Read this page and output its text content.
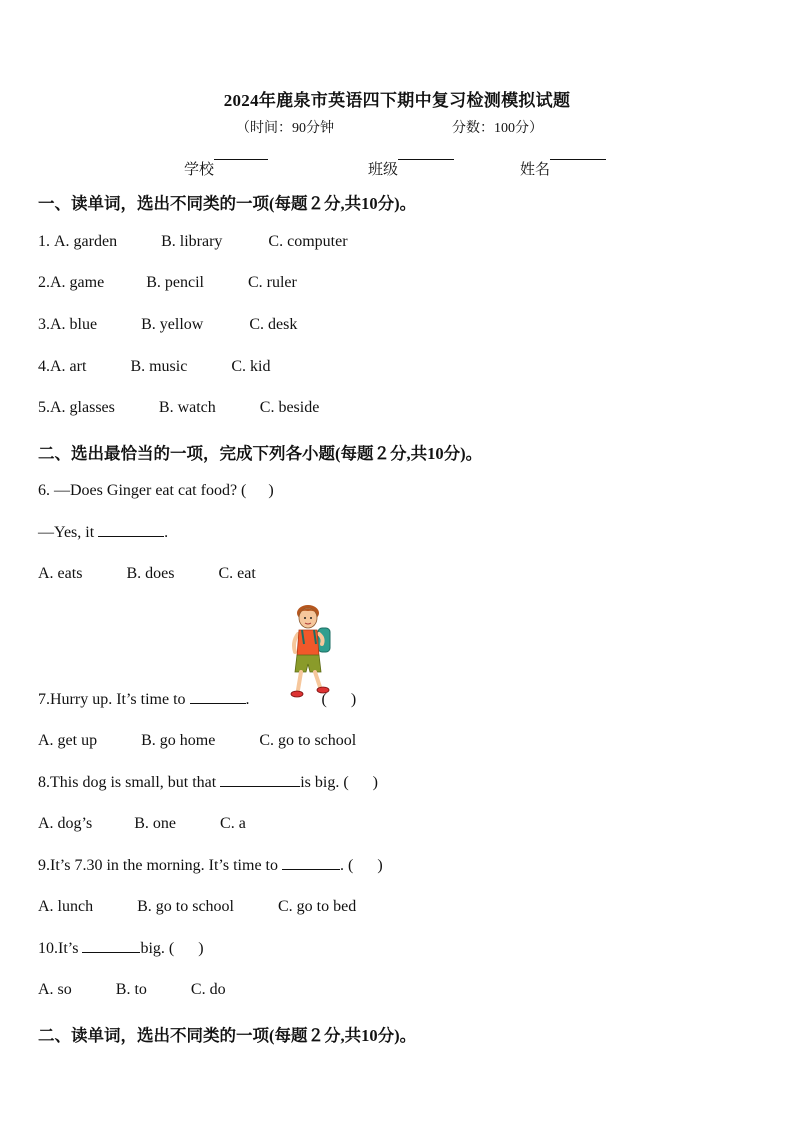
2024年鹿泉市英语四下期中复习检测模拟试题
（时间：90分钟	分数：100分）
学校	班级	姓名
一、读单词，选出不同类的一项(每题２分,共10分)。
1. A. garden	B. library	C. computer
2.A. game	B. pencil	C. ruler
3.A. blue	B. yellow	C. desk
4.A. art	B. music	C. kid
5.A. glasses	B. watch	C. beside
二、选出最恰当的一项，完成下列各小题(每题２分,共10分)。
6. —Does Ginger eat cat food? ( )
—Yes, it	.
A. eats	B. does	C. eat
7.Hurry up. It’s time to	.	( )
A. get up	B. go home	C. go to school
8.This dog is small, but that	is big. ( )
A. dog’s	B. one	C. a
9.It’s 7.30 in the morning. It’s time to	. ( )
A. lunch	B. go to school	C. go to bed
10.It’s	big. ( )
A. so	B. to	C. do
二、读单词，选出不同类的一项(每题２分,共10分)。
